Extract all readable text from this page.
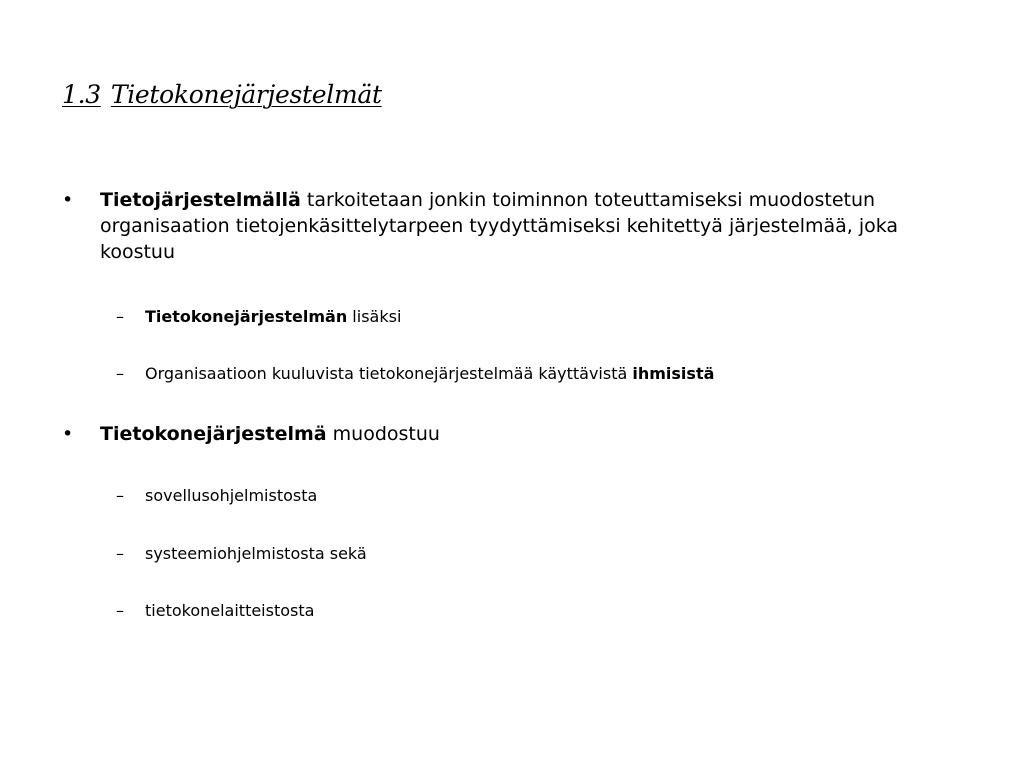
1.3 Tietokonejärjestelmät
• Tietojärjestelmällä tarkoitetaan jonkin toiminnon toteuttamiseksi muodostetun organisaation tietojenkäsittelytarpeen tyydyttämiseksi kehitettyä järjestelmää, joka koostuu
– Tietokonejärjestelmän lisäksi
– Organisaatioon kuuluvista tietokonejärjestelmää käyttävistä ihmisistä
• Tietokonejärjestelmä muodostuu
– sovellusohjelmistosta
– systeemiohjelmistosta sekä
– tietokonelaitteistosta
